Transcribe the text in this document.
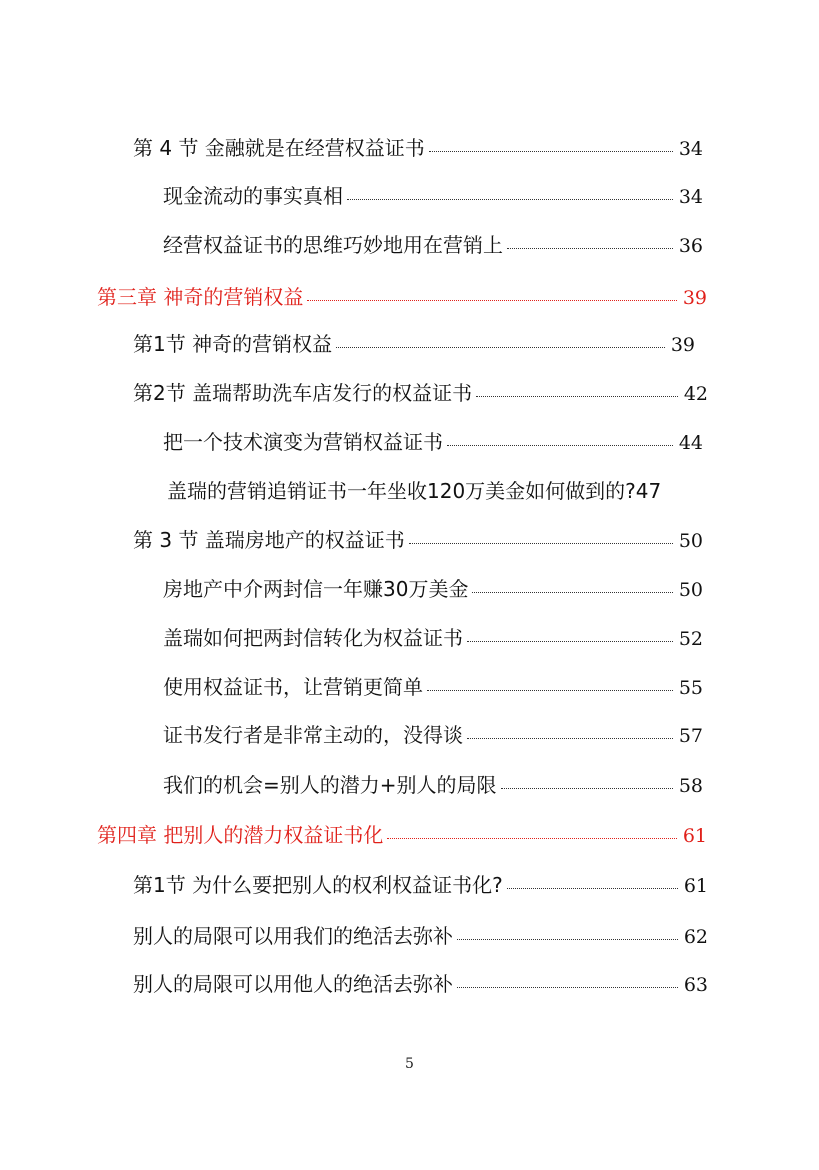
第 4 节 金融就是在经营权益证书	34
现金流动的事实真相	34
经营权益证书的思维巧妙地用在营销上	36
第三章 神奇的营销权益	39
第1节 神奇的营销权益	39
第2节 盖瑞帮助洗车店发行的权益证书	42
把一个技术演变为营销权益证书	44
盖瑞的营销追销证书一年坐收120万美金如何做到的? 47
第 3 节 盖瑞房地产的权益证书	50
房地产中介两封信一年赚30万美金	50
盖瑞如何把两封信转化为权益证书	52
使用权益证书，让营销更简单	55
证书发行者是非常主动的，没得谈	57
我们的机会=别人的潜力+别人的局限	58
第四章 把别人的潜力权益证书化	61
第1节 为什么要把别人的权利权益证书化?	61
别人的局限可以用我们的绝活去弥补	62
别人的局限可以用他人的绝活去弥补	63
5
